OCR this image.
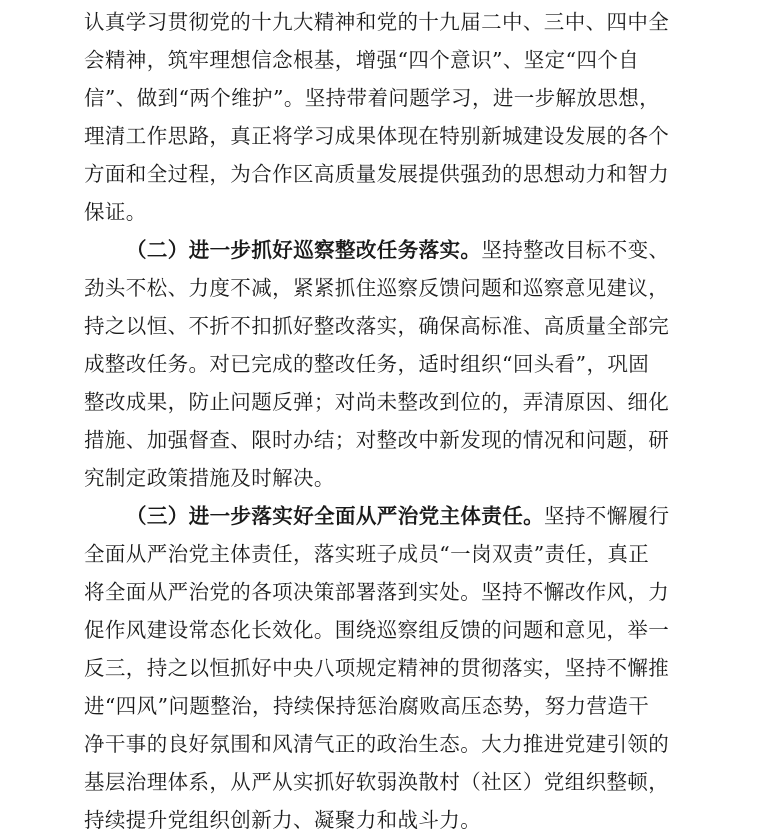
认真学习贯彻党的十九大精神和党的十九届二中、三中、四中全
会精神，筑牢理想信念根基，增强“四个意识”、坚定“四个自
信”、做到“两个维护”。坚持带着问题学习，进一步解放思想，
理清工作思路，真正将学习成果体现在特别新城建设发展的各个
方面和全过程，为合作区高质量发展提供强劲的思想动力和智力
保证。
（二）进一步抓好巡察整改任务落实。坚持整改目标不变、
劲头不松、力度不减，紧紧抓住巡察反馈问题和巡察意见建议，
持之以恒、不折不扣抓好整改落实，确保高标准、高质量全部完
成整改任务。对已完成的整改任务，适时组织“回头看”，巩固
整改成果，防止问题反弹；对尚未整改到位的，弄清原因、细化
措施、加强督查、限时办结；对整改中新发现的情况和问题，研
究制定政策措施及时解决。
（三）进一步落实好全面从严治党主体责任。坚持不懈履行
全面从严治党主体责任，落实班子成员“一岗双责”责任，真正
将全面从严治党的各项决策部署落到实处。坚持不懈改作风，力
促作风建设常态化长效化。围绕巡察组反馈的问题和意见，举一
反三，持之以恒抓好中央八项规定精神的贯彻落实，坚持不懈推
进“四风”问题整治，持续保持惩治腐败高压态势，努力营造干
净干事的良好氛围和风清气正的政治生态。大力推进党建引领的
基层治理体系，从严从实抓好软弱涣散村（社区）党组织整顿，
持续提升党组织创新力、凝聚力和战斗力。
